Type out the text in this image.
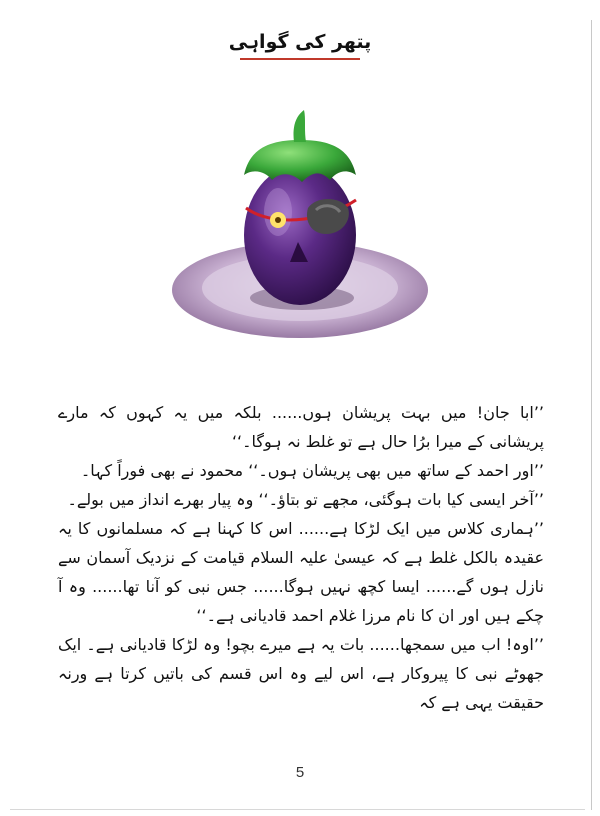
پتھر کی گواہی

’’ابا جان! میں بہت پریشان ہوں...... بلکہ میں یہ کہوں کہ مارے پریشانی کے میرا برُا حال ہے تو غلط نہ ہوگا۔‘‘

’’اور احمد کے ساتھ میں بھی پریشان ہوں۔‘‘ محمود نے بھی فوراً کہا۔

’’آخر ایسی کیا بات ہوگئی، مجھے تو بتاؤ۔‘‘ وہ پیار بھرے انداز میں بولے۔

’’ہماری کلاس میں ایک لڑکا ہے...... اس کا کہنا ہے کہ مسلمانوں کا یہ عقیدہ بالکل غلط ہے کہ عیسیٰ علیہ السلام قیامت کے نزدیک آسمان سے نازل ہوں گے...... ایسا کچھ نہیں ہوگا...... جس نبی کو آنا تھا...... وہ آ چکے ہیں اور ان کا نام مرزا غلام احمد قادیانی ہے۔‘‘

’’اوہ! اب میں سمجھا...... بات یہ ہے میرے بچو! وہ لڑکا قادیانی ہے۔ ایک جھوٹے نبی کا پیروکار ہے، اس لیے وہ اس قسم کی باتیں کرتا ہے ورنہ حقیقت یہی ہے کہ

5
